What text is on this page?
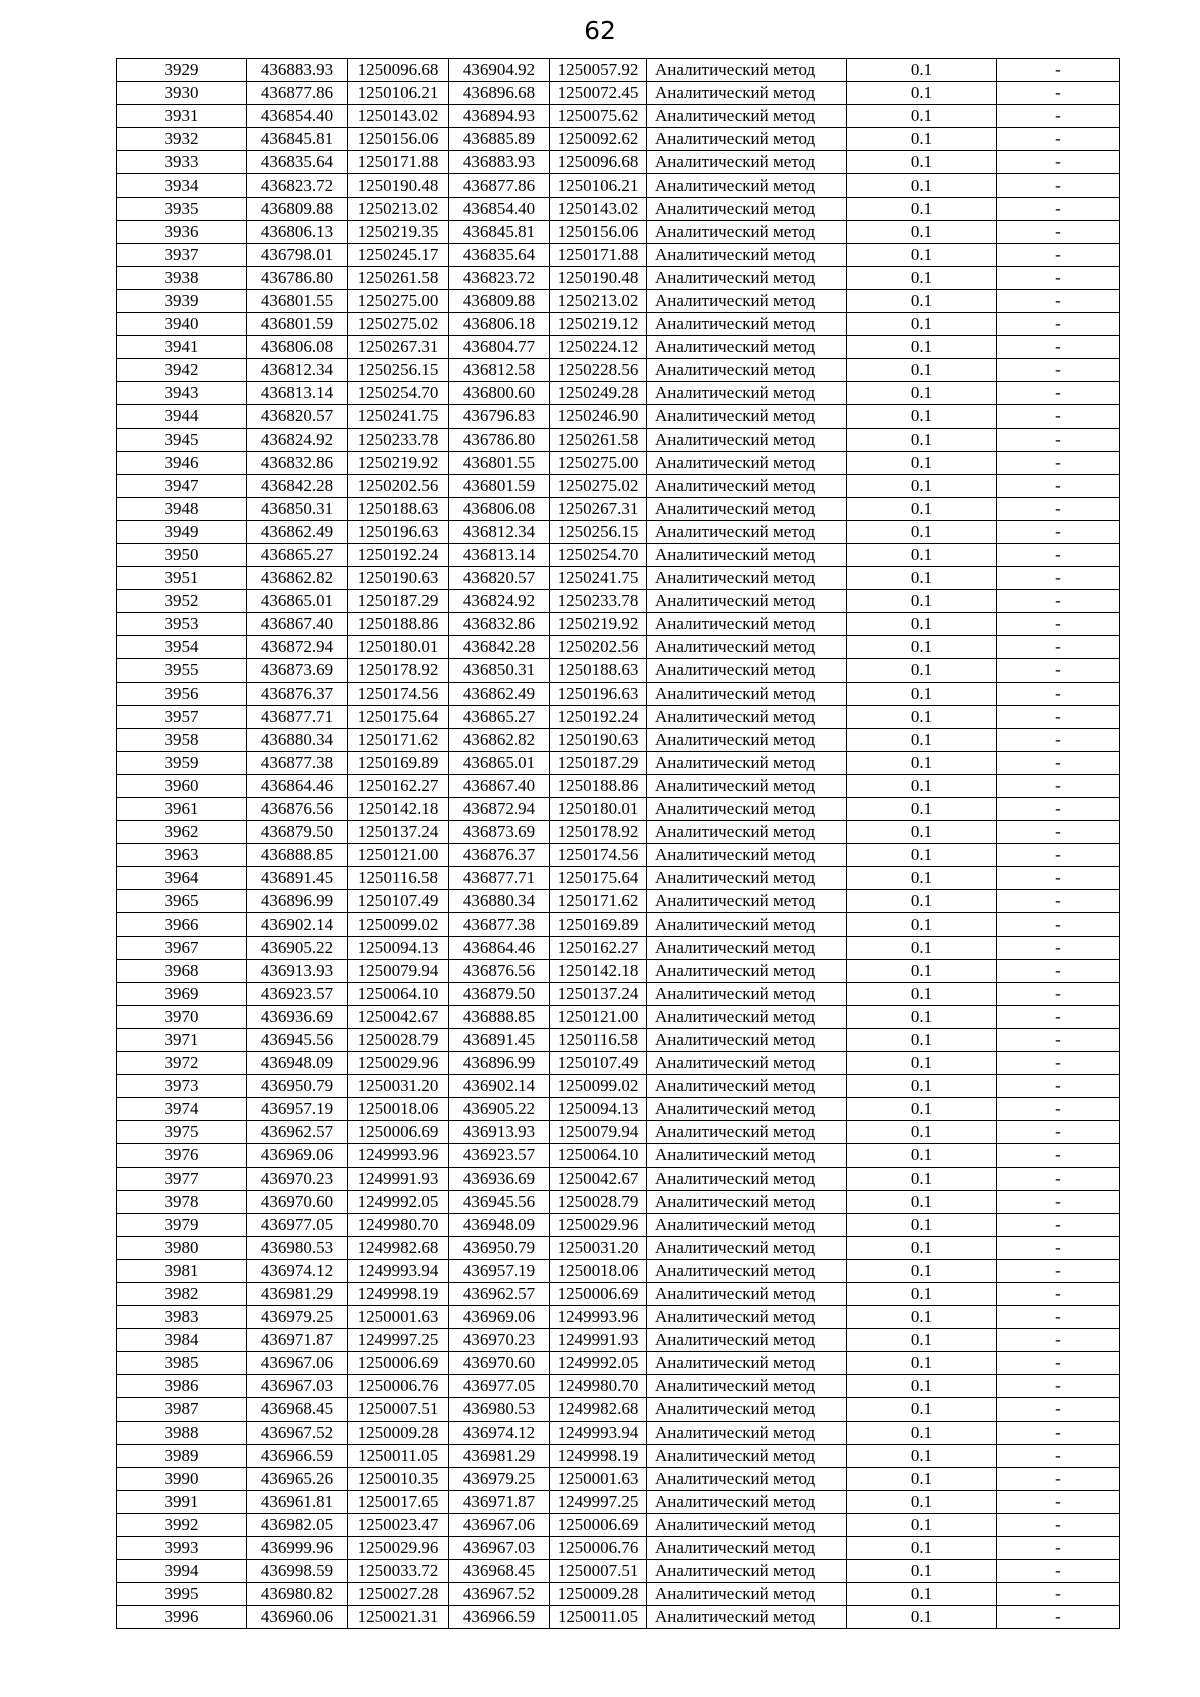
62
3929	436883.93	1250096.68	436904.92	1250057.92	Аналитический метод	0.1	-
3930	436877.86	1250106.21	436896.68	1250072.45	Аналитический метод	0.1	-
3931	436854.40	1250143.02	436894.93	1250075.62	Аналитический метод	0.1	-
3932	436845.81	1250156.06	436885.89	1250092.62	Аналитический метод	0.1	-
3933	436835.64	1250171.88	436883.93	1250096.68	Аналитический метод	0.1	-
3934	436823.72	1250190.48	436877.86	1250106.21	Аналитический метод	0.1	-
3935	436809.88	1250213.02	436854.40	1250143.02	Аналитический метод	0.1	-
3936	436806.13	1250219.35	436845.81	1250156.06	Аналитический метод	0.1	-
3937	436798.01	1250245.17	436835.64	1250171.88	Аналитический метод	0.1	-
3938	436786.80	1250261.58	436823.72	1250190.48	Аналитический метод	0.1	-
3939	436801.55	1250275.00	436809.88	1250213.02	Аналитический метод	0.1	-
3940	436801.59	1250275.02	436806.18	1250219.12	Аналитический метод	0.1	-
3941	436806.08	1250267.31	436804.77	1250224.12	Аналитический метод	0.1	-
3942	436812.34	1250256.15	436812.58	1250228.56	Аналитический метод	0.1	-
3943	436813.14	1250254.70	436800.60	1250249.28	Аналитический метод	0.1	-
3944	436820.57	1250241.75	436796.83	1250246.90	Аналитический метод	0.1	-
3945	436824.92	1250233.78	436786.80	1250261.58	Аналитический метод	0.1	-
3946	436832.86	1250219.92	436801.55	1250275.00	Аналитический метод	0.1	-
3947	436842.28	1250202.56	436801.59	1250275.02	Аналитический метод	0.1	-
3948	436850.31	1250188.63	436806.08	1250267.31	Аналитический метод	0.1	-
3949	436862.49	1250196.63	436812.34	1250256.15	Аналитический метод	0.1	-
3950	436865.27	1250192.24	436813.14	1250254.70	Аналитический метод	0.1	-
3951	436862.82	1250190.63	436820.57	1250241.75	Аналитический метод	0.1	-
3952	436865.01	1250187.29	436824.92	1250233.78	Аналитический метод	0.1	-
3953	436867.40	1250188.86	436832.86	1250219.92	Аналитический метод	0.1	-
3954	436872.94	1250180.01	436842.28	1250202.56	Аналитический метод	0.1	-
3955	436873.69	1250178.92	436850.31	1250188.63	Аналитический метод	0.1	-
3956	436876.37	1250174.56	436862.49	1250196.63	Аналитический метод	0.1	-
3957	436877.71	1250175.64	436865.27	1250192.24	Аналитический метод	0.1	-
3958	436880.34	1250171.62	436862.82	1250190.63	Аналитический метод	0.1	-
3959	436877.38	1250169.89	436865.01	1250187.29	Аналитический метод	0.1	-
3960	436864.46	1250162.27	436867.40	1250188.86	Аналитический метод	0.1	-
3961	436876.56	1250142.18	436872.94	1250180.01	Аналитический метод	0.1	-
3962	436879.50	1250137.24	436873.69	1250178.92	Аналитический метод	0.1	-
3963	436888.85	1250121.00	436876.37	1250174.56	Аналитический метод	0.1	-
3964	436891.45	1250116.58	436877.71	1250175.64	Аналитический метод	0.1	-
3965	436896.99	1250107.49	436880.34	1250171.62	Аналитический метод	0.1	-
3966	436902.14	1250099.02	436877.38	1250169.89	Аналитический метод	0.1	-
3967	436905.22	1250094.13	436864.46	1250162.27	Аналитический метод	0.1	-
3968	436913.93	1250079.94	436876.56	1250142.18	Аналитический метод	0.1	-
3969	436923.57	1250064.10	436879.50	1250137.24	Аналитический метод	0.1	-
3970	436936.69	1250042.67	436888.85	1250121.00	Аналитический метод	0.1	-
3971	436945.56	1250028.79	436891.45	1250116.58	Аналитический метод	0.1	-
3972	436948.09	1250029.96	436896.99	1250107.49	Аналитический метод	0.1	-
3973	436950.79	1250031.20	436902.14	1250099.02	Аналитический метод	0.1	-
3974	436957.19	1250018.06	436905.22	1250094.13	Аналитический метод	0.1	-
3975	436962.57	1250006.69	436913.93	1250079.94	Аналитический метод	0.1	-
3976	436969.06	1249993.96	436923.57	1250064.10	Аналитический метод	0.1	-
3977	436970.23	1249991.93	436936.69	1250042.67	Аналитический метод	0.1	-
3978	436970.60	1249992.05	436945.56	1250028.79	Аналитический метод	0.1	-
3979	436977.05	1249980.70	436948.09	1250029.96	Аналитический метод	0.1	-
3980	436980.53	1249982.68	436950.79	1250031.20	Аналитический метод	0.1	-
3981	436974.12	1249993.94	436957.19	1250018.06	Аналитический метод	0.1	-
3982	436981.29	1249998.19	436962.57	1250006.69	Аналитический метод	0.1	-
3983	436979.25	1250001.63	436969.06	1249993.96	Аналитический метод	0.1	-
3984	436971.87	1249997.25	436970.23	1249991.93	Аналитический метод	0.1	-
3985	436967.06	1250006.69	436970.60	1249992.05	Аналитический метод	0.1	-
3986	436967.03	1250006.76	436977.05	1249980.70	Аналитический метод	0.1	-
3987	436968.45	1250007.51	436980.53	1249982.68	Аналитический метод	0.1	-
3988	436967.52	1250009.28	436974.12	1249993.94	Аналитический метод	0.1	-
3989	436966.59	1250011.05	436981.29	1249998.19	Аналитический метод	0.1	-
3990	436965.26	1250010.35	436979.25	1250001.63	Аналитический метод	0.1	-
3991	436961.81	1250017.65	436971.87	1249997.25	Аналитический метод	0.1	-
3992	436982.05	1250023.47	436967.06	1250006.69	Аналитический метод	0.1	-
3993	436999.96	1250029.96	436967.03	1250006.76	Аналитический метод	0.1	-
3994	436998.59	1250033.72	436968.45	1250007.51	Аналитический метод	0.1	-
3995	436980.82	1250027.28	436967.52	1250009.28	Аналитический метод	0.1	-
3996	436960.06	1250021.31	436966.59	1250011.05	Аналитический метод	0.1	-
